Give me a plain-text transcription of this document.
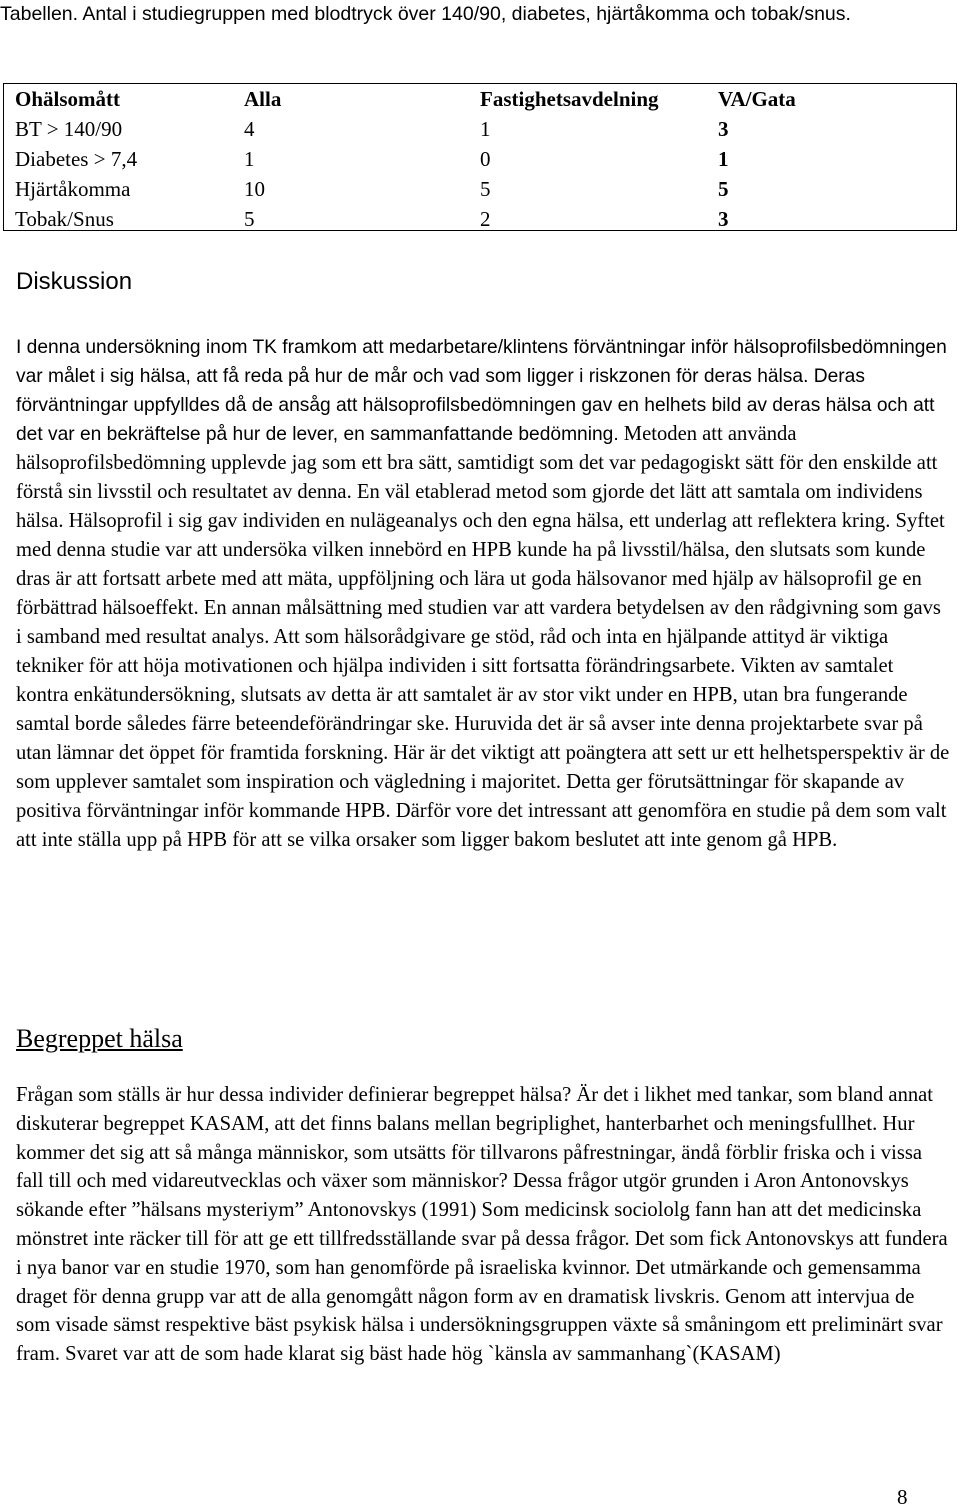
Tabellen. Antal i studiegruppen med blodtryck över 140/90, diabetes, hjärtåkomma och tobak/snus.

Ohälsomått	Alla	Fastighetsavdelning	VA/Gata
BT > 140/90	4	1	3
Diabetes > 7,4	1	0	1
Hjärtåkomma	10	5	5
Tobak/Snus	5	2	3
Diskussion

I denna undersökning inom TK framkom att medarbetare/klintens förväntningar inför hälsoprofilsbedömningen var målet i sig hälsa, att få reda på hur de mår och vad som ligger i riskzonen för deras hälsa. Deras förväntningar uppfylldes då de ansåg att hälsoprofilsbedömningen gav en helhets bild av deras hälsa och att det var en bekräftelse på hur de lever, en sammanfattande bedömning. Metoden att använda hälsoprofilsbedömning upplevde jag som ett bra sätt, samtidigt som det var pedagogiskt sätt för den enskilde att förstå sin livsstil och resultatet av denna. En väl etablerad metod som gjorde det lätt att samtala om individens hälsa. Hälsoprofil i sig gav individen en nulägeanalys och den egna hälsa, ett underlag att reflektera kring. Syftet med denna studie var att undersöka vilken innebörd en HPB kunde ha på livsstil/hälsa, den slutsats som kunde dras är att fortsatt arbete med att mäta, uppföljning och lära ut goda hälsovanor med hjälp av hälsoprofil ge en förbättrad hälsoeffekt. En annan målsättning med studien var att vardera betydelsen av den rådgivning som gavs i samband med resultat analys. Att som hälsorådgivare ge stöd, råd och inta en hjälpande attityd är viktiga tekniker för att höja motivationen och hjälpa individen i sitt fortsatta förändringsarbete. Vikten av samtalet kontra enkätundersökning, slutsats av detta är att samtalet är av stor vikt under en HPB, utan bra fungerande samtal borde således färre beteendeförändringar ske. Huruvida det är så avser inte denna projektarbete svar på utan lämnar det öppet för framtida forskning. Här är det viktigt att poängtera att sett ur ett helhetsperspektiv är de som upplever samtalet som inspiration och vägledning i majoritet. Detta ger förutsättningar för skapande av positiva förväntningar inför kommande HPB. Därför vore det intressant att genomföra en studie på dem som valt att inte ställa upp på HPB för att se vilka orsaker som ligger bakom beslutet att inte genom gå HPB.

Begreppet hälsa

Frågan som ställs är hur dessa individer definierar begreppet hälsa? Är det i likhet med tankar, som bland annat diskuterar begreppet KASAM, att det finns balans mellan begriplighet, hanterbarhet och meningsfullhet. Hur kommer det sig att så många människor, som utsätts för tillvarons påfrestningar, ändå förblir friska och i vissa fall till och med vidareutvecklas och växer som människor? Dessa frågor utgör grunden i Aron Antonovskys sökande efter ”hälsans mysteriym” Antonovskys (1991) Som medicinsk sociololg fann han att det medicinska mönstret inte räcker till för att ge ett tillfredsställande svar på dessa frågor. Det som fick Antonovskys att fundera i nya banor var en studie 1970, som han genomförde på israeliska kvinnor. Det utmärkande och gemensamma draget för denna grupp var att de alla genomgått någon form av en dramatisk livskris. Genom att intervjua de som visade sämst respektive bäst psykisk hälsa i undersökningsgruppen växte så småningom ett preliminärt svar fram. Svaret var att de som hade klarat sig bäst hade hög `känsla av sammanhang`(KASAM)

8
